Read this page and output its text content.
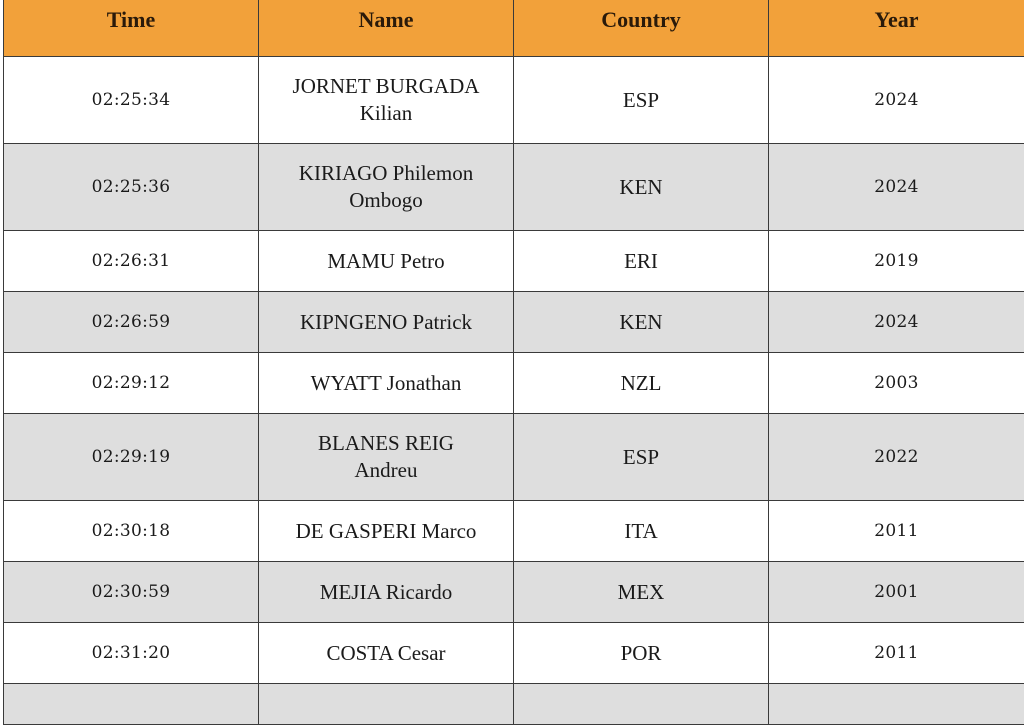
Time	Name	Country	Year
02:25:34	JORNET BURGADA Kilian	ESP	2024
02:25:36	KIRIAGO Philemon Ombogo	KEN	2024
02:26:31	MAMU Petro	ERI	2019
02:26:59	KIPNGENO Patrick	KEN	2024
02:29:12	WYATT Jonathan	NZL	2003
02:29:19	BLANES REIG Andreu	ESP	2022
02:30:18	DE GASPERI Marco	ITA	2011
02:30:59	MEJIA Ricardo	MEX	2001
02:31:20	COSTA Cesar	POR	2011
